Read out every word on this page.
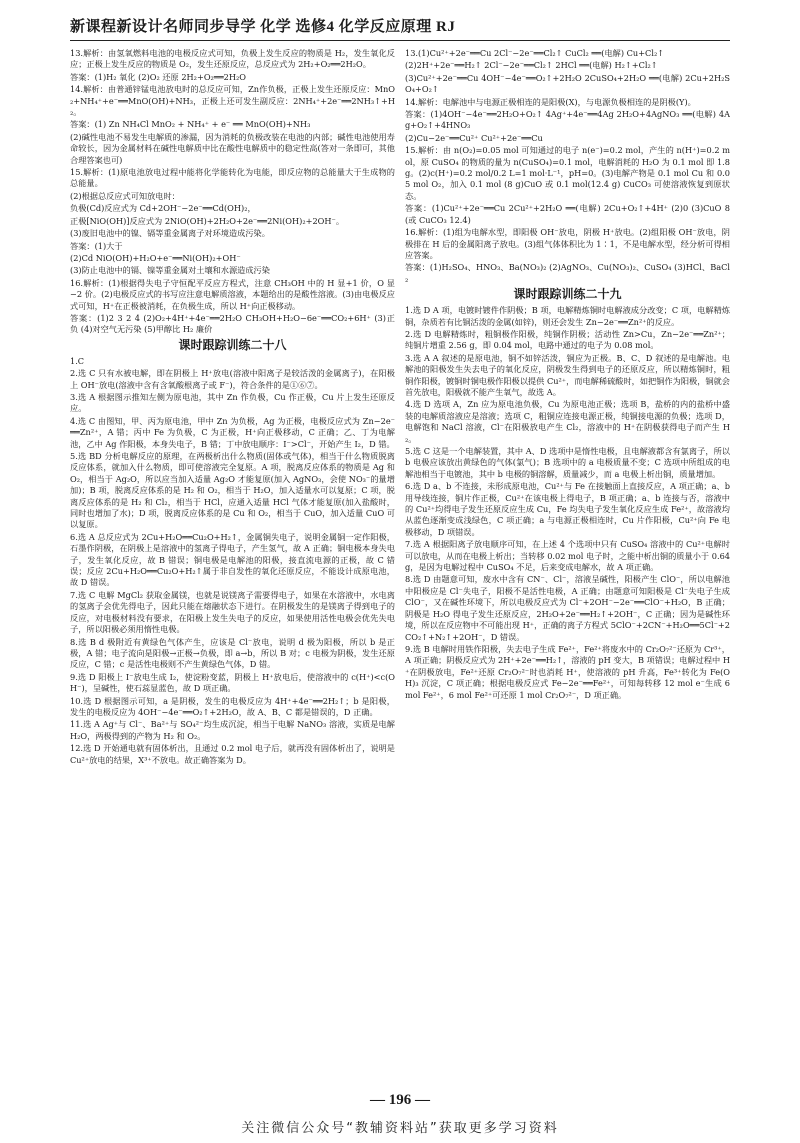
新课程新设计名师同步导学 化学 选修4 化学反应原理 RJ
13.解析：由氢氧燃料电池的电极反应式可知，负极上发生反应的物质是 H₂，发生氧化反应；正极上发生反应的物质是 O₂，发生还原反应，总反应式为 2H₂+O₂══2H₂O。
答案：(1)H₂ 氧化 (2)O₂ 还原 2H₂+O₂══2H₂O
14.解析：由普通锌锰电池放电时的总反应可知，Zn作负极，正极上发生还原反应：MnO₂+NH₄⁺+e⁻══MnO(OH)+NH₃，正极上还可发生副反应：2NH₄⁺+2e⁻══2NH₃↑+H₂。
答案：(1) Zn NH₄Cl MnO₂ + NH₄⁺ + e⁻ ══ MnO(OH)+NH₃
(2)碱性电池不易发生电解质的渗漏，因为消耗的负极改装在电池的内部；碱性电池使用寿命较长，因为金属材料在碱性电解质中比在酸性电解质中的稳定性高(答对一条即可，其他合理答案也可)
15.解析：(1)原电池放电过程中能将化学能转化为电能，即反应物的总能量大于生成物的总能量。
(2)根据总反应式可知放电时：
负极(Cd)反应式为 Cd+2OH⁻−2e⁻══Cd(OH)₂，
正极[NiO(OH)]反应式为 2NiO(OH)+2H₂O+2e⁻══2Ni(OH)₂+2OH⁻。
(3)废旧电池中的镍、镉等重金属离子对环境造成污染。
答案：(1)大于
(2)Cd NiO(OH)+H₂O+e⁻══Ni(OH)₂+OH⁻
(3)防止电池中的镉、镍等重金属对土壤和水源造成污染
16.解析：(1)根据得失电子守恒配平反应方程式，注意 CH₃OH 中的 H 显+1 价，O 显−2 价。(2)电极反应式的书写应注意电解质溶液，本题给出的是酸性溶液。(3)由电极反应式可知，H⁺在正极被消耗，在负极生成，所以 H⁺向正极移动。
答案：(1)2 3 2 4 (2)O₂+4H⁺+4e⁻══2H₂O CH₃OH+H₂O−6e⁻══CO₂+6H⁺ (3)正 负 (4)对空气无污染 (5)甲醇比 H₂ 廉价
课时跟踪训练二十八
1.C
2.选 C 只有水被电解，即在阴极上 H⁺放电(溶液中阳离子是较活泼的金属离子)，在阳极上 OH⁻放电(溶液中含有含氧酸根离子或 F⁻)，符合条件的是①⑥⑦。
3.选 A 根据图示推知左侧为原电池，其中 Zn 作负极，Cu 作正极，Cu 片上发生还原反应。
4.选 C 由图知，甲、丙为原电池，甲中 Zn 为负极，Ag 为正极，电极反应式为 Zn−2e⁻══Zn²⁺，A 错；丙中 Fe 为负极，C 为正极，H⁺向正极移动，C 正确；乙、丁为电解池，乙中 Ag 作阳极，本身失电子，B 错；丁中放电顺序：I⁻>Cl⁻，开始产生 I₂，D 错。
5.选 BD 分析电解反应的原理，在两极析出什么物质(固体或气体)，相当于什么物质脱离反应体系，就加入什么物质，即可使溶液完全复原。A 项，脱离反应体系的物质是 Ag 和 O₂，相当于 Ag₂O，所以应当加入适量 Ag₂O 才能复原(加入 AgNO₃，会使 NO₃⁻的量增加)；B 项，脱离反应体系的是 H₂ 和 O₂，相当于 H₂O，加入适量水可以复原；C 项，脱离反应体系的是 H₂ 和 Cl₂，相当于 HCl，应通入适量 HCl 气体才能复原(加入盐酸时，同时也增加了水)；D 项，脱离反应体系的是 Cu 和 O₂，相当于 CuO，加入适量 CuO 可以复原。
6.选 A 总反应式为 2Cu+H₂O══Cu₂O+H₂↑，金属铜失电子，说明金属铜一定作阳极，石墨作阴极，在阴极上是溶液中的氢离子得电子，产生氢气，故 A 正确；铜电极本身失电子，发生氧化反应，故 B 错误；铜电极是电解池的阳极，接直流电源的正极，故 C 错误；反应 2Cu+H₂O══Cu₂O+H₂↑属于非自发性的氧化还原反应，不能设计成原电池，故 D 错误。
7.选 C 电解 MgCl₂ 获取金属镁，也就是说镁离子需要得电子，如果在水溶液中，水电离的氢离子会优先得电子，因此只能在熔融状态下进行。在阴极发生的是镁离子得到电子的反应，对电极材料没有要求，在阳极上发生失电子的反应，如果使用活性电极会优先失电子，所以阳极必须用惰性电极。
8.选 B d 极附近有黄绿色气体产生，应该是 Cl⁻放电，说明 d 极为阳极，所以 b 是正极，A 错；电子流向是阳极→正极→负极，即 a→b，所以 B 对；c 电极为阴极，发生还原反应，C 错；c 是活性电极则不产生黄绿色气体，D 错。
9.选 D 阳极上 I⁻放电生成 I₂，使淀粉变蓝，阴极上 H⁺放电后，使溶液中的 c(H⁺)<c(OH⁻)，呈碱性，使石蕊显蓝色，故 D 项正确。
10.选 D 根据图示可知，a 是阴极，发生的电极反应为 4H⁺+4e⁻══2H₂↑；b 是阳极，发生的电极反应为 4OH⁻−4e⁻══O₂↑+2H₂O，故 A、B、C 都是错误的，D 正确。
11.选 A Ag⁺与 Cl⁻、Ba²⁺与 SO₄²⁻均生成沉淀，相当于电解 NaNO₃ 溶液，实质是电解 H₂O，两极得到的产物为 H₂ 和 O₂。
12.选 D 开始通电就有固体析出，且通过 0.2 mol 电子后，就再没有固体析出了，说明是 Cu²⁺放电的结果，X³⁺不放电。故正确答案为 D。
13.(1)Cu²⁺+2e⁻══Cu 2Cl⁻−2e⁻══Cl₂↑ CuCl₂ ══(电解) Cu+Cl₂↑
(2)2H⁺+2e⁻══H₂↑ 2Cl⁻−2e⁻══Cl₂↑ 2HCl ══(电解) H₂↑+Cl₂↑
(3)Cu²⁺+2e⁻══Cu 4OH⁻−4e⁻══O₂↑+2H₂O 2CuSO₄+2H₂O ══(电解) 2Cu+2H₂SO₄+O₂↑
14.解析：电解池中与电源正极相连的是阳极(X)，与电源负极相连的是阴极(Y)。
答案：(1)4OH⁻−4e⁻══2H₂O+O₂↑ 4Ag⁺+4e⁻══4Ag 2H₂O+4AgNO₃ ══(电解) 4Ag+O₂↑+4HNO₃
(2)Cu−2e⁻══Cu²⁺ Cu²⁺+2e⁻══Cu
15.解析：由 n(O₂)=0.05 mol 可知通过的电子 n(e⁻)=0.2 mol，产生的 n(H⁺)=0.2 mol，原 CuSO₄ 的物质的量为 n(CuSO₄)=0.1 mol，电解消耗的 H₂O 为 0.1 mol 即 1.8 g。(2)c(H⁺)=0.2 mol/0.2 L=1 mol·L⁻¹，pH=0。(3)电解产物是 0.1 mol Cu 和 0.05 mol O₂，加入 0.1 mol (8 g)CuO 或 0.1 mol(12.4 g) CuCO₃ 可使溶液恢复到原状态。
答案：(1)Cu²⁺+2e⁻══Cu 2Cu²⁺+2H₂O ══(电解) 2Cu+O₂↑+4H⁺ (2)0 (3)CuO 8(或 CuCO₃ 12.4)
16.解析：(1)组为电解水型，即阳极 OH⁻放电，阴极 H⁺放电。(2)组阳极 OH⁻放电，阴极排在 H 后的金属阳离子放电。(3)组气体体积比为 1∶1，不是电解水型，经分析可得相应答案。
答案：(1)H₂SO₄、HNO₃、Ba(NO₃)₂ (2)AgNO₃、Cu(NO₃)₂、CuSO₄ (3)HCl、BaCl₂
课时跟踪训练二十九
1.选 D A 项，电镀时镀件作阴极；B 项，电解精炼铜时电解液成分改变；C 项，电解精炼铜，杂质若有比铜活泼的金属(如锌)，则还会发生 Zn−2e⁻══Zn²⁺的反应。
2.选 D 电解精炼时，粗铜极作阳极，纯铜作阴极；活动性 Zn>Cu，Zn−2e⁻══Zn²⁺；纯铜片增重 2.56 g，即 0.04 mol，电路中通过的电子为 0.08 mol。
3.选 A A 叙述的是原电池，铜不如锌活泼，铜应为正极。B、C、D 叙述的是电解池。电解池的阳极发生失去电子的氧化反应，阴极发生得到电子的还原反应，所以精炼铜时，粗铜作阳极，镀铜时铜电极作阳极以提供 Cu²⁺，而电解稀硫酸时，如把铜作为阳极，铜就会首先放电，阳极就不能产生氧气，故选 A。
4.选 D 选项 A，Zn 应为原电池负极，Cu 为原电池正极；选项 B，盐桥的内的盐桥中盛装的电解质溶液应是溶液；选项 C，粗铜应连接电源正极，纯铜接电源的负极；选项 D，电解饱和 NaCl 溶液，Cl⁻在阳极放电产生 Cl₂，溶液中的 H⁺在阴极获得电子而产生 H₂。
5.选 C 这是一个电解装置，其中 A、D 选项中是惰性电极，且电解液都含有氯离子，所以 b 电极应该放出黄绿色的气体(氯气)；B 选项中的 a 电极质量不变；C 选项中所组成的电解池相当于电镀池，其中 b 电极的铜溶解，质量减少，而 a 电极上析出铜，质量增加。
6.选 D a、b 不连接，未形成原电池，Cu²⁺与 Fe 在接触面上直接反应，A 项正确；a、b 用导线连接，铜片作正极，Cu²⁺在该电极上得电子，B 项正确；a、b 连接与否，溶液中的 Cu²⁺均得电子发生还原反应生成 Cu，Fe 均失电子发生氧化反应生成 Fe²⁺，故溶液均从蓝色逐渐变成浅绿色，C 项正确；a 与电源正极相连时，Cu 片作阳极，Cu²⁺向 Fe 电极移动，D 项错误。
7.选 A 根据阳离子放电顺序可知，在上述 4 个选项中只有 CuSO₄ 溶液中的 Cu²⁺电解时可以放电，从而在电极上析出；当转移 0.02 mol 电子时，之能中析出铜的质量小于 0.64 g，是因为电解过程中 CuSO₄ 不足，后来变成电解水，故 A 项正确。
8.选 D 由题意可知，废水中含有 CN⁻、Cl⁻，溶液呈碱性，阳极产生 ClO⁻，所以电解池中阳极应是 Cl⁻失电子，阳极不是活性电极，A 正确；由题意可知阳极是 Cl⁻失电子生成 ClO⁻，又在碱性环境下，所以电极反应式为 Cl⁻+2OH⁻−2e⁻══ClO⁻+H₂O，B 正确；阴极是 H₂O 得电子发生还原反应，2H₂O+2e⁻══H₂↑+2OH⁻，C 正确；因为是碱性环境，所以在反应物中不可能出现 H⁺，正确的离子方程式 5ClO⁻+2CN⁻+H₂O══5Cl⁻+2CO₂↑+N₂↑+2OH⁻，D 错误。
9.选 B 电解时用铁作阳极，失去电子生成 Fe²⁺，Fe²⁺将废水中的 Cr₂O₇²⁻还原为 Cr³⁺，A 项正确；阴极反应式为 2H⁺+2e⁻══H₂↑，溶液的 pH 变大，B 项错误；电解过程中 H⁺在阴极放电，Fe²⁺还原 Cr₂O₇²⁻时也消耗 H⁺，使溶液的 pH 升高，Fe³⁺转化为 Fe(OH)₃ 沉淀，C 项正确；根据电极反应式 Fe−2e⁻══Fe²⁺，可知每转移 12 mol e⁻生成 6 mol Fe²⁺，6 mol Fe²⁺可还原 1 mol Cr₂O₇²⁻，D 项正确。
— 196 —
关注微信公众号“教辅资料站”获取更多学习资料
